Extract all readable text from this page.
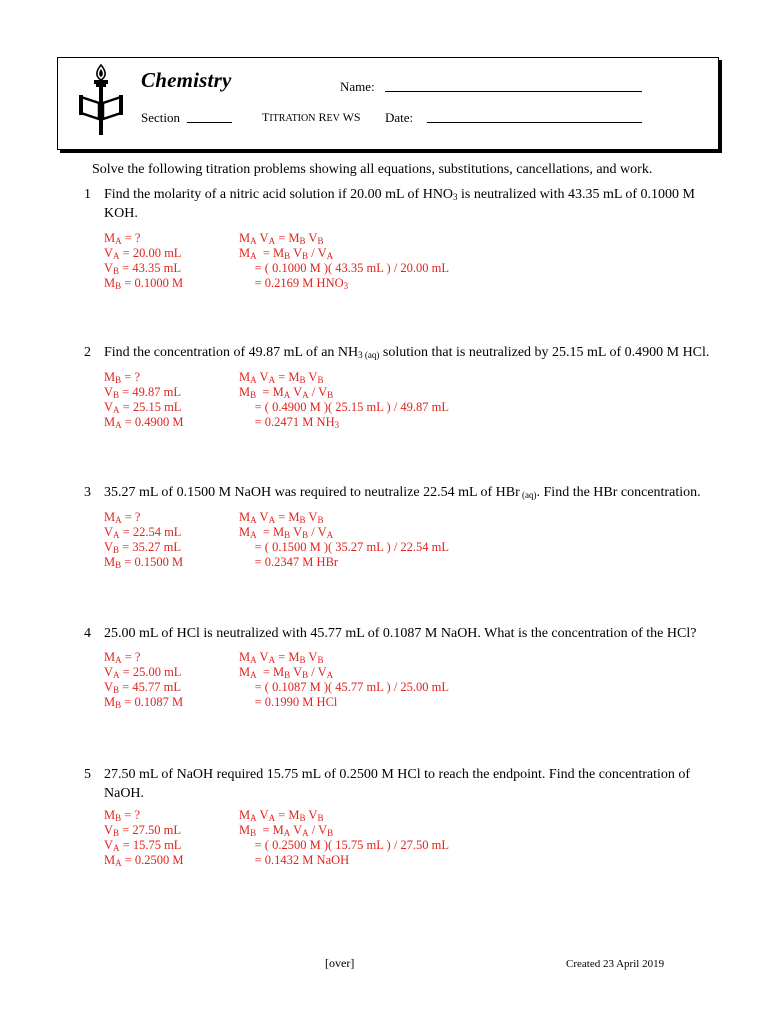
Chemistry	Name:
Section	TITRATION REV WS Date:
Solve the following titration problems showing all equations, substitutions, cancellations, and work.
1 Find the molarity of a nitric acid solution if 20.00 mL of $HNO_3$ is neutralized with 43.35 mL of 0.1000 M
KOH.
$M_A$ = ?
$V_A = 20.00$ mL
$V_B = 43.35$ mL
$M_B = 0.1000$ M
$M_A$ $V_A = M_B$ $V_B$
$M_A = M_B$ $V_B / V_A$
= ( 0.1000 M )( 43.35 mL ) / 20.00 mL
= 0.2169 M $HNO_3$
2 Find the concentration of 49.87 mL of an $NH_{3 (aq)}$ solution that is neutralized by 25.15 mL of 0.4900 M HCl.
$M_B$ = ?
$V_B = 49.87$ mL
$V_A = 25.15$ mL
$M_A = 0.4900$ M
$M_A$ $V_A = M_B$ $V_B$
$M_B = M_A$ $V_A / V_B$
= ( 0.4900 M )( 25.15 mL ) / 49.87 mL
= 0.2471 M $NH_3$
3 35.27 mL of 0.1500 M NaOH was required to neutralize 22.54 mL of HBr $_{(aq)}$. Find the HBr concentration.
$M_A$ = ?
$V_A = 22.54$ mL
$V_B = 35.27$ mL
$M_B = 0.1500$ M
$M_A$ $V_A = M_B$ $V_B$
$M_A = M_B$ $V_B / V_A$
= ( 0.1500 M )( 35.27 mL ) / 22.54 mL
= 0.2347 M HBr
4 25.00 mL of HCl is neutralized with 45.77 mL of 0.1087 M NaOH. What is the concentration of the HCl?
$M_A$ = ?
$V_A = 25.00$ mL
$V_B = 45.77$ mL
$M_B = 0.1087$ M
$M_A$ $V_A = M_B$ $V_B$
$M_A = M_B$ $V_B / V_A$
= ( 0.1087 M )( 45.77 mL ) / 25.00 mL
= 0.1990 M HCl
5 27.50 mL of NaOH required 15.75 mL of 0.2500 M HCl to reach the endpoint. Find the concentration of
NaOH.
$M_B$ = ?
$V_B = 27.50$ mL
$V_A = 15.75$ mL
$M_A = 0.2500$ M
$M_A$ $V_A = M_B$ $V_B$
$M_B = M_A$ $V_A / V_B$
= ( 0.2500 M )( 15.75 mL ) / 27.50 mL
= 0.1432 M NaOH
[over]	Created 23 April 2019
